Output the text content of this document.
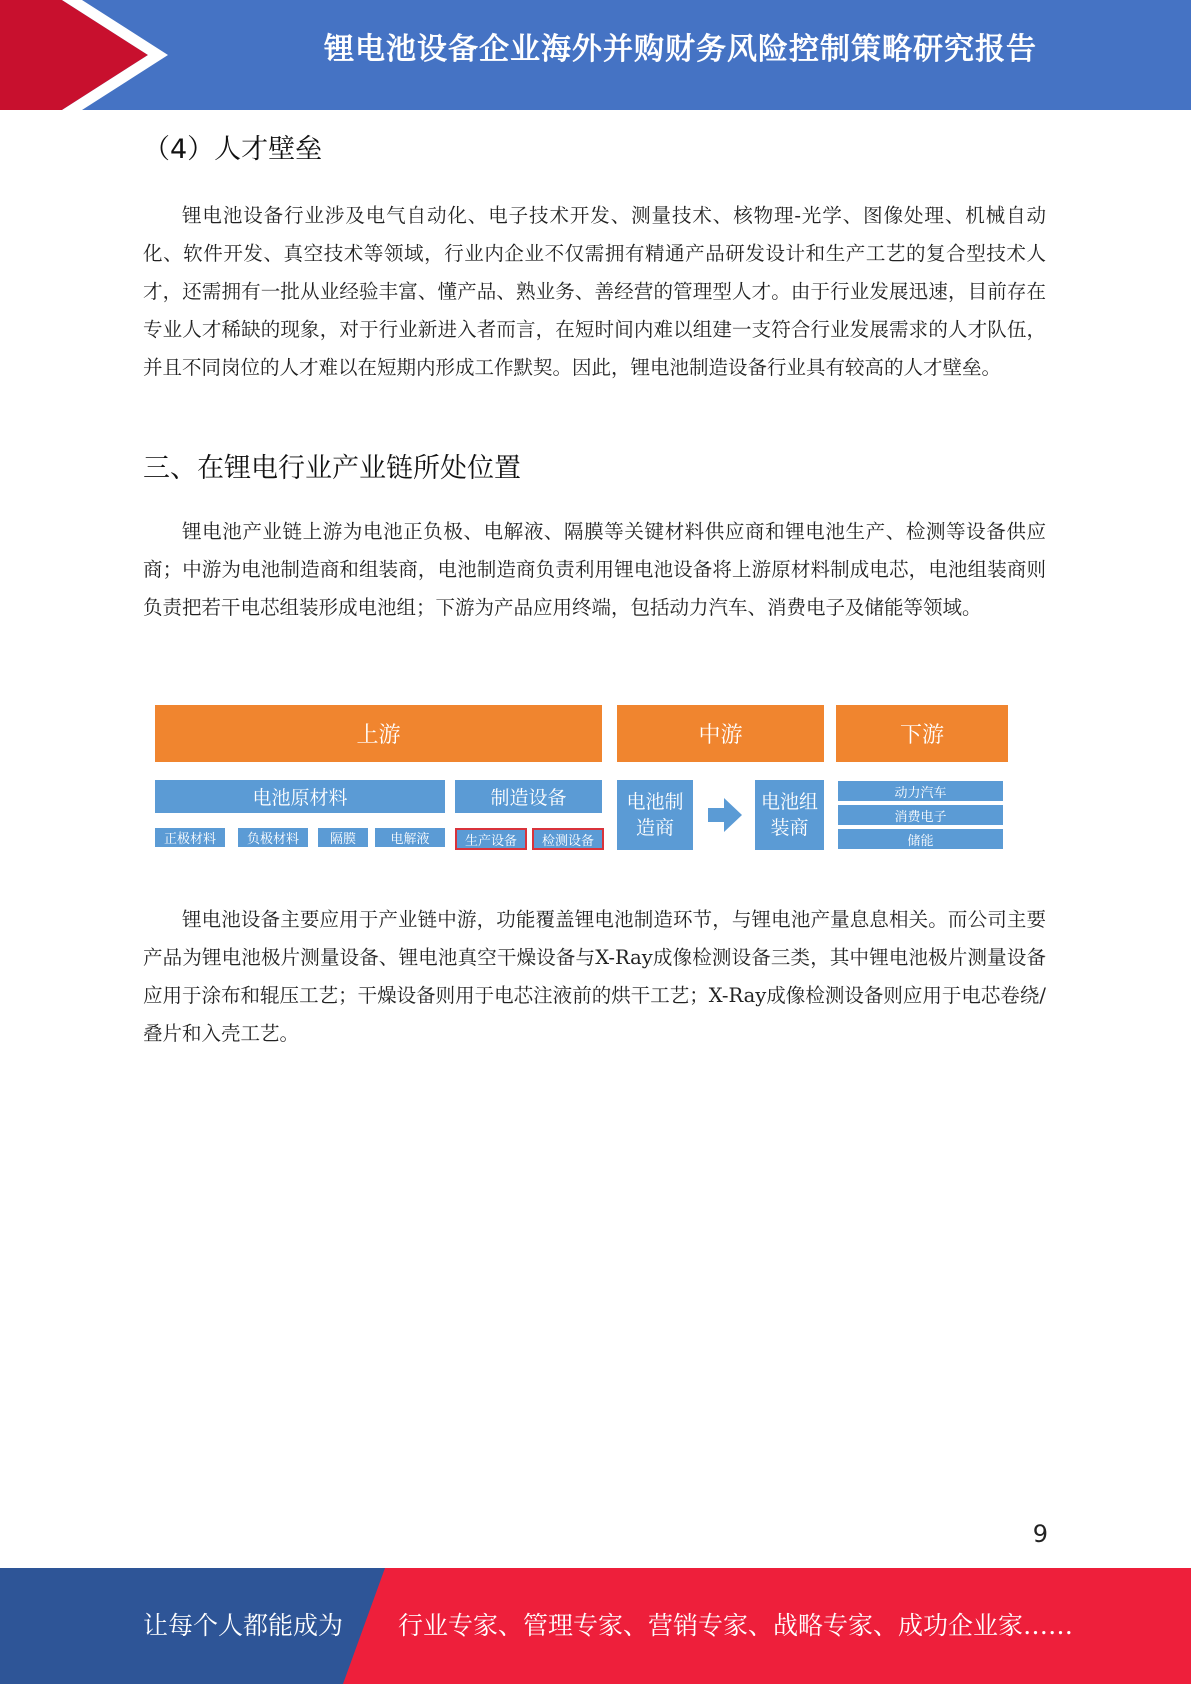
锂电池设备企业海外并购财务风险控制策略研究报告
（4）人才壁垒

锂电池设备行业涉及电气自动化、电子技术开发、测量技术、核物理-光学、图像处理、机械自动化、软件开发、真空技术等领域，行业内企业不仅需拥有精通产品研发设计和生产工艺的复合型技术人才，还需拥有一批从业经验丰富、懂产品、熟业务、善经营的管理型人才。由于行业发展迅速，目前存在专业人才稀缺的现象，对于行业新进入者而言，在短时间内难以组建一支符合行业发展需求的人才队伍，并且不同岗位的人才难以在短期内形成工作默契。因此，锂电池制造设备行业具有较高的人才壁垒。

三、在锂电行业产业链所处位置

锂电池产业链上游为电池正负极、电解液、隔膜等关键材料供应商和锂电池生产、检测等设备供应商；中游为电池制造商和组装商，电池制造商负责利用锂电池设备将上游原材料制成电芯，电池组装商则负责把若干电芯组装形成电池组；下游为产品应用终端，包括动力汽车、消费电子及储能等领域。

上游	中游	下游
电池原材料	制造设备
正极材料	负极材料	隔膜	电解液	生产设备	检测设备
电池制造商
电池组装商
动力汽车
消费电子
储能

锂电池设备主要应用于产业链中游，功能覆盖锂电池制造环节，与锂电池产量息息相关。而公司主要产品为锂电池极片测量设备、锂电池真空干燥设备与X-Ray成像检测设备三类，其中锂电池极片测量设备应用于涂布和辊压工艺；干燥设备则用于电芯注液前的烘干工艺；X-Ray成像检测设备则应用于电芯卷绕/叠片和入壳工艺。

9
让每个人都能成为 行业专家、管理专家、营销专家、战略专家、成功企业家……
